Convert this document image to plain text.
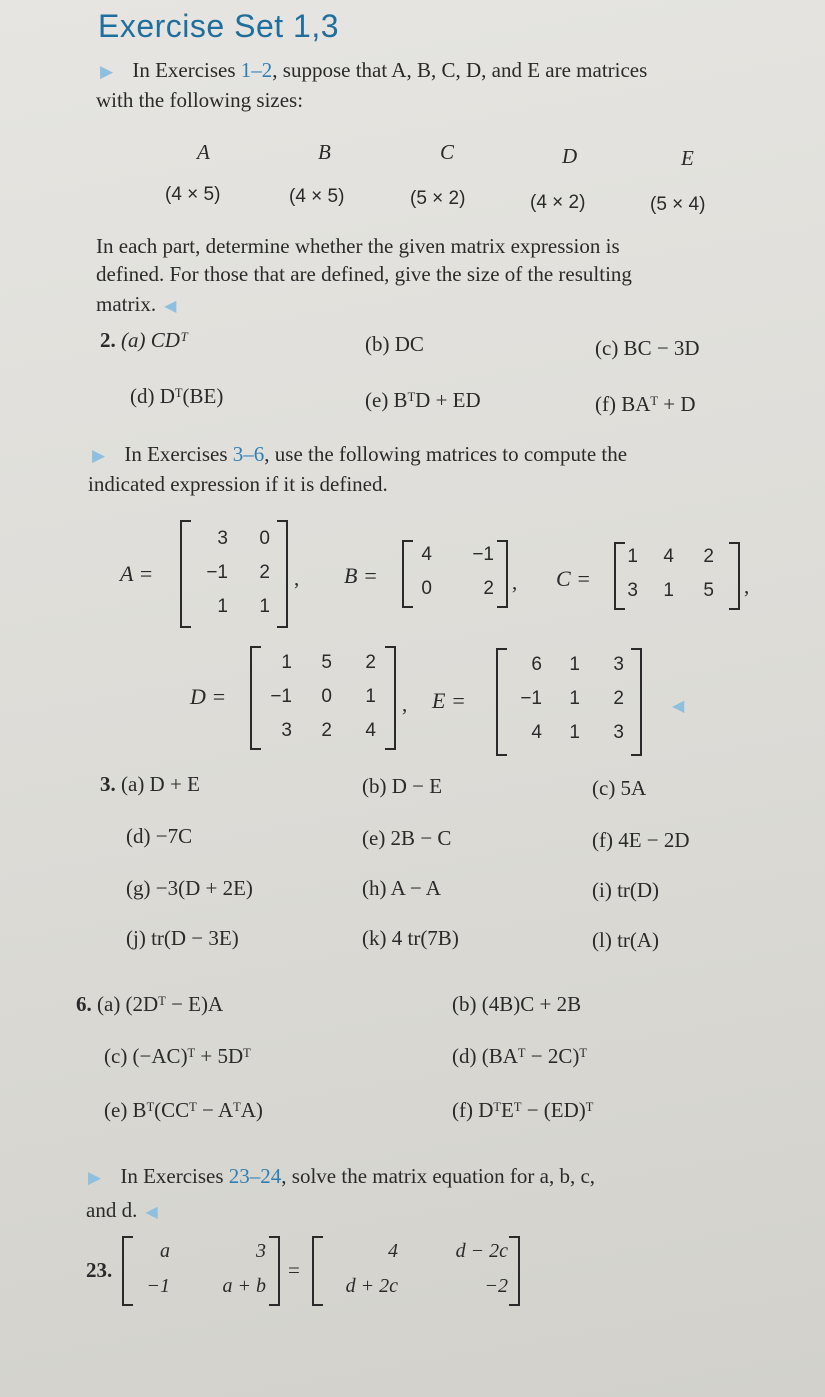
Exercise Set 1,3
▶ In Exercises 1–2, suppose that A, B, C, D, and E are matrices
with the following sizes:
A	B	C	D	E
(4 × 5)	(4 × 5)	(5 × 2)	(4 × 2)	(5 × 4)
In each part, determine whether the given matrix expression is
defined. For those that are defined, give the size of the resulting
matrix. ◀
2. (a) CDᵀ	(b) DC	(c) BC − 3D
(d) Dᵀ(BE)	(e) BᵀD + ED	(f) BAᵀ + D
▶ In Exercises 3–6, use the following matrices to compute the
indicated expression if it is defined.
A =
3	0
−1	2
1	1
, B =
4	−1
0	2 , C =
1	4	2
3	1	5 ,
D =
1	5	2
−1	0	1
3	2	4
, E =
6	1	3
−1	1	2
4	1	3
◀
3. (a) D + E	(b) D − E	(c) 5A
(d) −7C	(e) 2B − C	(f) 4E − 2D
(g) −3(D + 2E)	(h) A − A	(i) tr(D)
(j) tr(D − 3E)	(k) 4 tr(7B)	(l) tr(A)
6. (a) (2Dᵀ − E)A	(b) (4B)C + 2B
(c) (−AC)ᵀ + 5Dᵀ	(d) (BAᵀ − 2C)ᵀ
(e) Bᵀ(CCᵀ − AᵀA)	(f) DᵀEᵀ − (ED)ᵀ
▶ In Exercises 23–24, solve the matrix equation for a, b, c,
and d. ◀
23.
a	3
−1	a + b
=
4	d − 2c
d + 2c	−2
